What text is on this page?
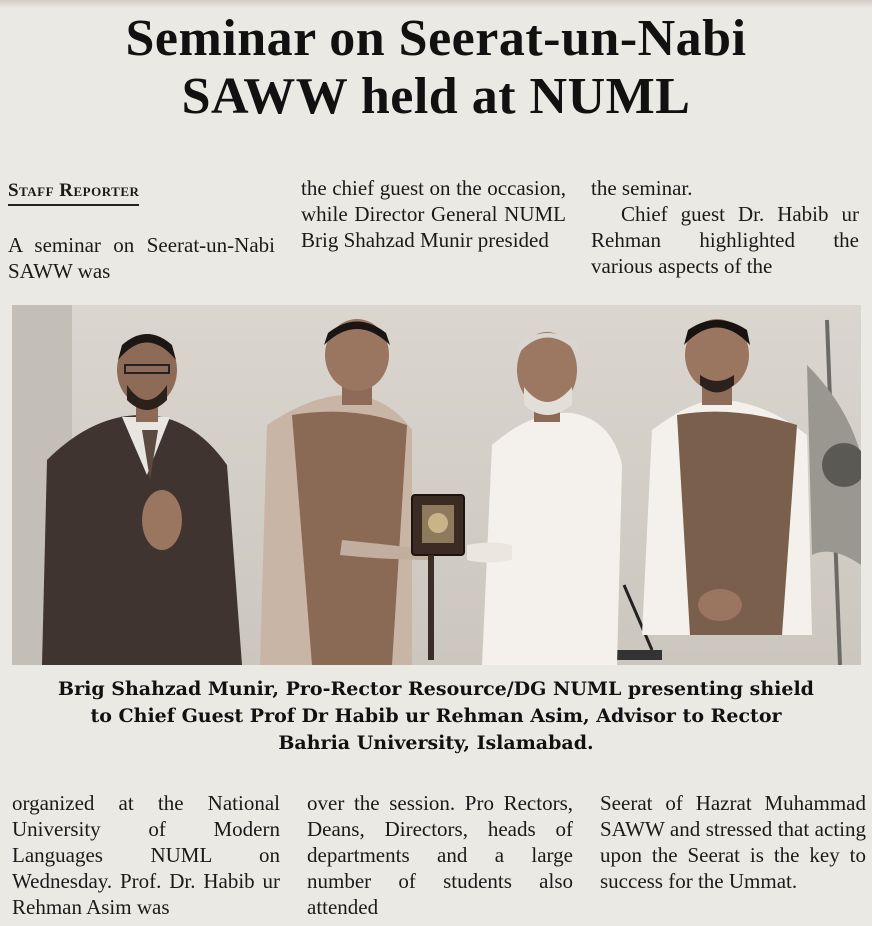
Seminar on Seerat-un-Nabi
SAWW held at NUML
Staff Reporter

A seminar on Seerat-un-Nabi SAWW was

the chief guest on the occasion, while Director General NUML Brig Shahzad Munir presided

the seminar.

Chief guest Dr. Habib ur Rehman highlighted the various aspects of the

Brig Shahzad Munir, Pro-Rector Resource/DG NUML presenting shield
to Chief Guest Prof Dr Habib ur Rehman Asim, Advisor to Rector
Bahria University, Islamabad.

organized at the National University of Modern Languages NUML on Wednesday. Prof. Dr. Habib ur Rehman Asim was

over the session. Pro Rectors, Deans, Directors, heads of departments and a large number of students also attended

Seerat of Hazrat Muhammad SAWW and stressed that acting upon the Seerat is the key to success for the Ummat.
